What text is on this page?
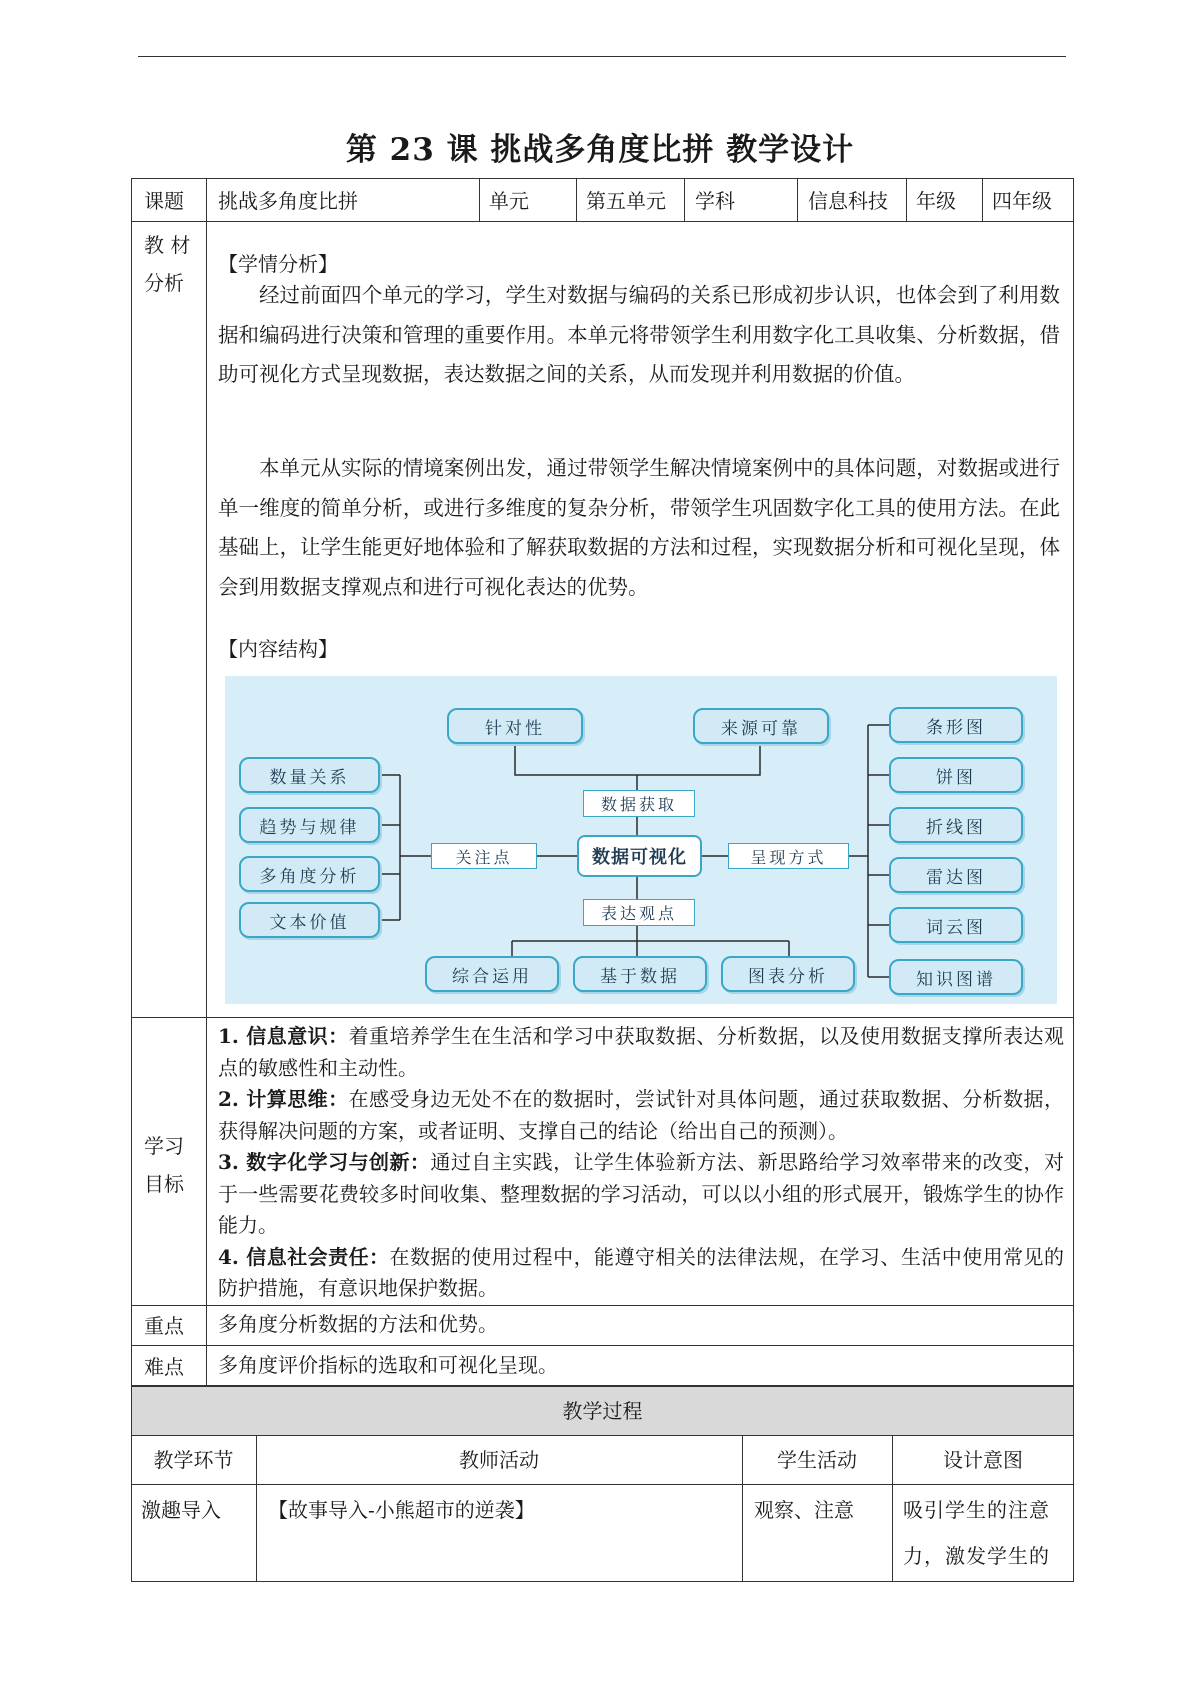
第 23 课 挑战多角度比拼 教学设计
课题 挑战多角度比拼	单元	第五单元 学科	信息科技 年级 四年级
教 材
分析
【学情分析】
经过前面四个单元的学习，学生对数据与编码的关系已形成初步认识，也体会到了利用数据和编码进行决策和管理的重要作用。本单元将带领学生利用数字化工具收集、分析数据，借助可视化方式呈现数据，表达数据之间的关系，从而发现并利用数据的价值。
本单元从实际的情境案例出发，通过带领学生解决情境案例中的具体问题，对数据或进行单一维度的简单分析，或进行多维度的复杂分析，带领学生巩固数字化工具的使用方法。在此基础上，让学生能更好地体验和了解获取数据的方法和过程，实现数据分析和可视化呈现，体会到用数据支撑观点和进行可视化表达的优势。
【内容结构】
针对性	来源可靠
数据获取
数据可视化
关注点	呈现方式
数量关系
趋势与规律
多角度分析
文本价值
条形图
饼图
折线图
雷达图
词云图
知识图谱
表达观点
综合运用	基于数据	图表分析
学习
目标

1. 信息意识：着重培养学生在生活和学习中获取数据、分析数据，以及使用数据支撑所表达观点的敏感性和主动性。

2. 计算思维：在感受身边无处不在的数据时，尝试针对具体问题，通过获取数据、分析数据，获得解决问题的方案，或者证明、支撑自己的结论（给出自己的预测）。

3. 数字化学习与创新：通过自主实践，让学生体验新方法、新思路给学习效率带来的改变，对于一些需要花费较多时间收集、整理数据的学习活动，可以以小组的形式展开，锻炼学生的协作能力。

4. 信息社会责任：在数据的使用过程中，能遵守相关的法律法规，在学习、生活中使用常见的防护措施，有意识地保护数据。

重点 多角度分析数据的方法和优势。
难点 多角度评价指标的选取和可视化呈现。
教学过程
教学环节	教师活动	学生活动	设计意图
激趣导入 【故事导入-小熊超市的逆袭】	观察、注意 吸引学生的注意
力，激发学生的
